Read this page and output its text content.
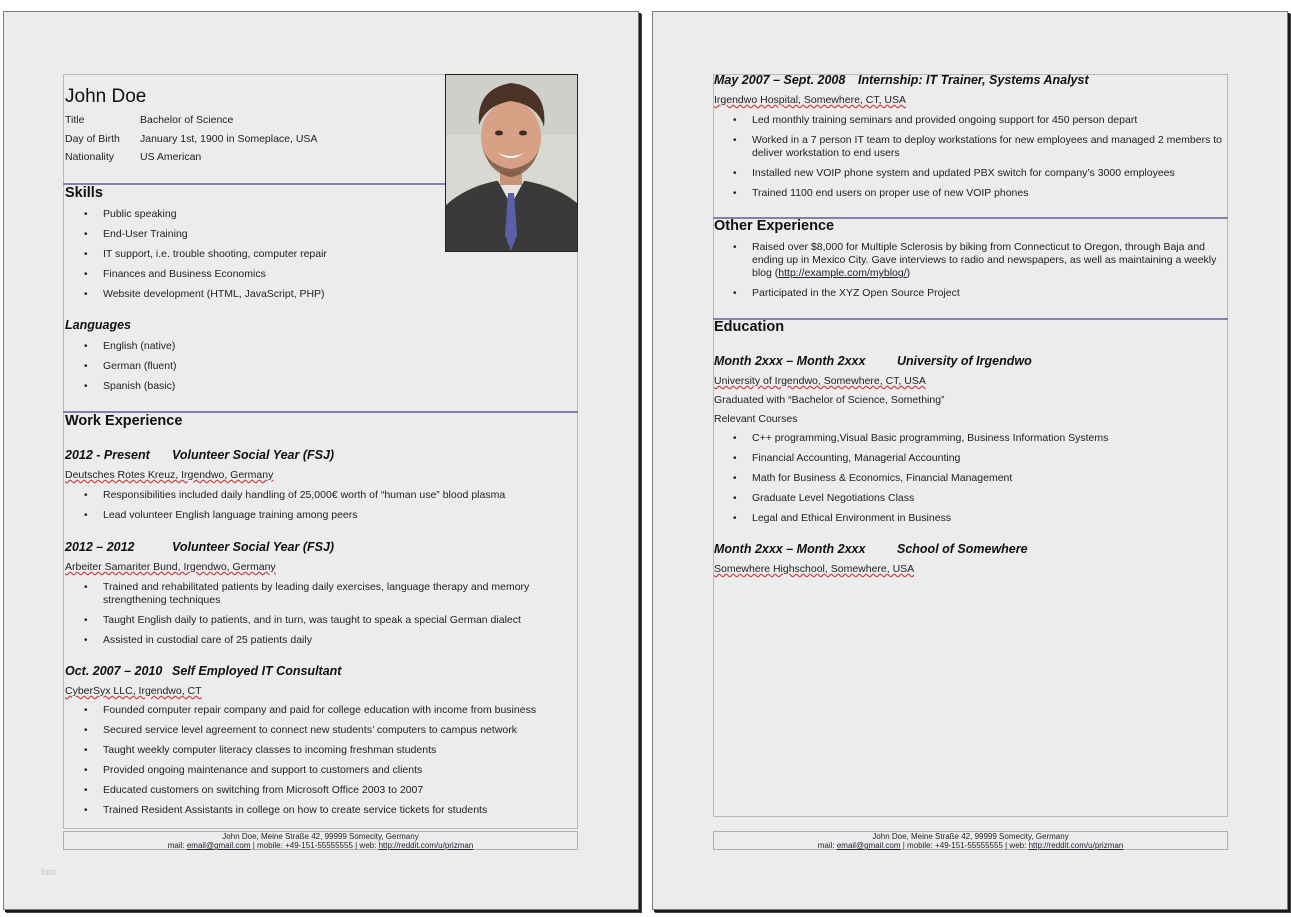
John Doe
Title	Bachelor of Science
Day of Birth January 1st, 1900 in Someplace, USA
Nationality US American
Skills
• Public speaking
• End-User Training
• IT support, i.e. trouble shooting, computer repair
• Finances and Business Economics
• Website development (HTML, JavaScript, PHP)
Languages
• English (native)
• German (fluent)
• Spanish (basic)
Work Experience
2012 - Present Volunteer Social Year (FSJ)
Deutsches Rotes Kreuz, Irgendwo, Germany
• Responsibilities included daily handling of 25,000€ worth of “human use” blood plasma
• Lead volunteer English language training among peers
2012 – 2012	Volunteer Social Year (FSJ)
Arbeiter Samariter Bund, Irgendwo, Germany
• Trained and rehabilitated patients by leading daily exercises, language therapy and memory strengthening techniques
• Taught English daily to patients, and in turn, was taught to speak a special German dialect
• Assisted in custodial care of 25 patients daily
Oct. 2007 – 2010 Self Employed IT Consultant
CyberSyx LLC, Irgendwo, CT
• Founded computer repair company and paid for college education with income from business
• Secured service level agreement to connect new students’ computers to campus network
• Taught weekly computer literacy classes to incoming freshman students
• Provided ongoing maintenance and support to customers and clients
• Educated customers on switching from Microsoft Office 2003 to 2007
• Trained Resident Assistants in college on how to create service tickets for students
John Doe, Meine Straße 42, 99999 Somecity, Germany
mail: email@gmail.com | mobile: +49-151-55555555 | web: http://reddit.com/u/prizman
foto
May 2007 – Sept. 2008 Internship: IT Trainer, Systems Analyst
Irgendwo Hospital, Somewhere, CT, USA
• Led monthly training seminars and provided ongoing support for 450 person depart
• Worked in a 7 person IT team to deploy workstations for new employees and managed 2 members to deliver workstation to end users
• Installed new VOIP phone system and updated PBX switch for company’s 3000 employees
• Trained 1100 end users on proper use of new VOIP phones
Other Experience
• Raised over $8,000 for Multiple Sclerosis by biking from Connecticut to Oregon, through Baja and ending up in Mexico City. Gave interviews to radio and newspapers, as well as maintaining a weekly blog (http://example.com/myblog/)
• Participated in the XYZ Open Source Project
Education
Month 2xxx – Month 2xxx	University of Irgendwo
University of Irgendwo, Somewhere, CT, USA
Graduated with “Bachelor of Science, Something”
Relevant Courses
• C++ programming,Visual Basic programming, Business Information Systems
• Financial Accounting, Managerial Accounting
• Math for Business & Economics, Financial Management
• Graduate Level Negotiations Class
• Legal and Ethical Environment in Business
Month 2xxx – Month 2xxx	School of Somewhere
Somewhere Highschool, Somewhere, USA
John Doe, Meine Straße 42, 99999 Somecity, Germany
mail: email@gmail.com | mobile: +49-151-55555555 | web: http://reddit.com/u/prizman
